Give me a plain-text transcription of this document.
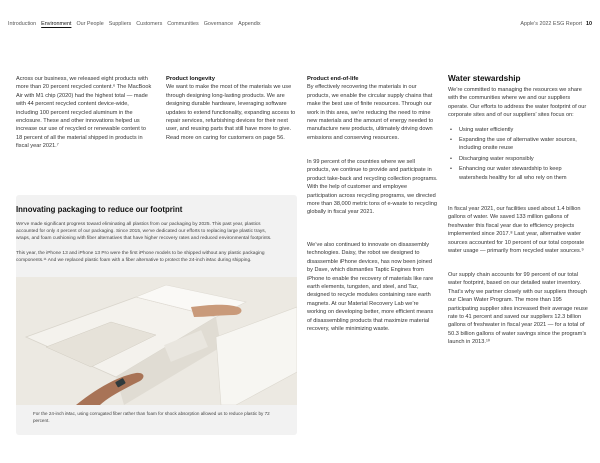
Introduction Environment Our People Suppliers Customers Communities Governance Appendix	Apple’s 2022 ESG Report 10

Across our business, we released eight products with more than 20 percent recycled content.⁶ The MacBook Air with M1 chip (2020) had the highest total — made with 44 percent recycled content device-wide, including 100 percent recycled aluminum in the enclosure. These and other innovations helped us increase our use of recycled or renewable content to 18 percent of all the material shipped in products in fiscal year 2021.⁷

Product longevity

We want to make the most of the materials we use through designing long-lasting products. We are designing durable hardware, leveraging software updates to extend functionality, expanding access to repair services, refurbishing devices for their next user, and reusing parts that still have more to give. Read more on caring for customers on page 56.

Product end-of-life

By effectively recovering the materials in our products, we enable the circular supply chains that make the best use of finite resources. Through our work in this area, we’re reducing the need to mine new materials and the amount of energy needed to manufacture new products, ultimately driving down emissions and conserving resources.

In 99 percent of the countries where we sell products, we continue to provide and participate in product take-back and recycling collection programs. With the help of customer and employee participation across recycling programs, we directed more than 38,000 metric tons of e-waste to recycling globally in fiscal year 2021.

We’ve also continued to innovate on disassembly technologies. Daisy, the robot we designed to disassemble iPhone devices, has now been joined by Dave, which dismantles Taptic Engines from iPhone to enable the recovery of materials like rare earth elements, tungsten, and steel, and Taz, designed to recycle modules containing rare earth magnets. At our Material Recovery Lab we’re working on developing better, more efficient means of disassembling products that maximize material recovery, while minimizing waste.

Water stewardship

We’re committed to managing the resources we share with the communities where we and our suppliers operate. Our efforts to address the water footprint of our corporate sites and of our suppliers’ sites focus on:

• Using water efficiently
• Expanding the use of alternative water sources, including onsite reuse
• Discharging water responsibly
• Enhancing our water stewardship to keep watersheds healthy for all who rely on them

In fiscal year 2021, our facilities used about 1.4 billion gallons of water. We saved 133 million gallons of freshwater this fiscal year due to efficiency projects implemented since 2017.⁸ Last year, alternative water sources accounted for 10 percent of our total corporate water usage — primarily from recycled water sources.⁹

Our supply chain accounts for 99 percent of our total water footprint, based on our detailed water inventory. That’s why we partner closely with our suppliers through our Clean Water Program. The more than 195 participating supplier sites increased their average reuse rate to 41 percent and saved our suppliers 12.3 billion gallons of freshwater in fiscal year 2021 — for a total of 50.3 billion gallons of water savings since the program’s launch in 2013.¹⁰

Innovating packaging to reduce our footprint

We’ve made significant progress toward eliminating all plastics from our packaging by 2025. This past year, plastics accounted for only 4 percent of our packaging. Since 2015, we’ve dedicated our efforts to replacing large plastic trays, wraps, and foam cushioning with fiber alternatives that have higher recovery rates and reduced environmental footprints.

This year, the iPhone 13 and iPhone 13 Pro were the first iPhone models to be shipped without any plastic packaging components.¹¹ And we replaced plastic foam with a fiber alternative to protect the 24-inch iMac during shipping.

For the 24-inch iMac, using corrugated fiber rather than foam for shock absorption allowed us to reduce plastic by 72 percent.
